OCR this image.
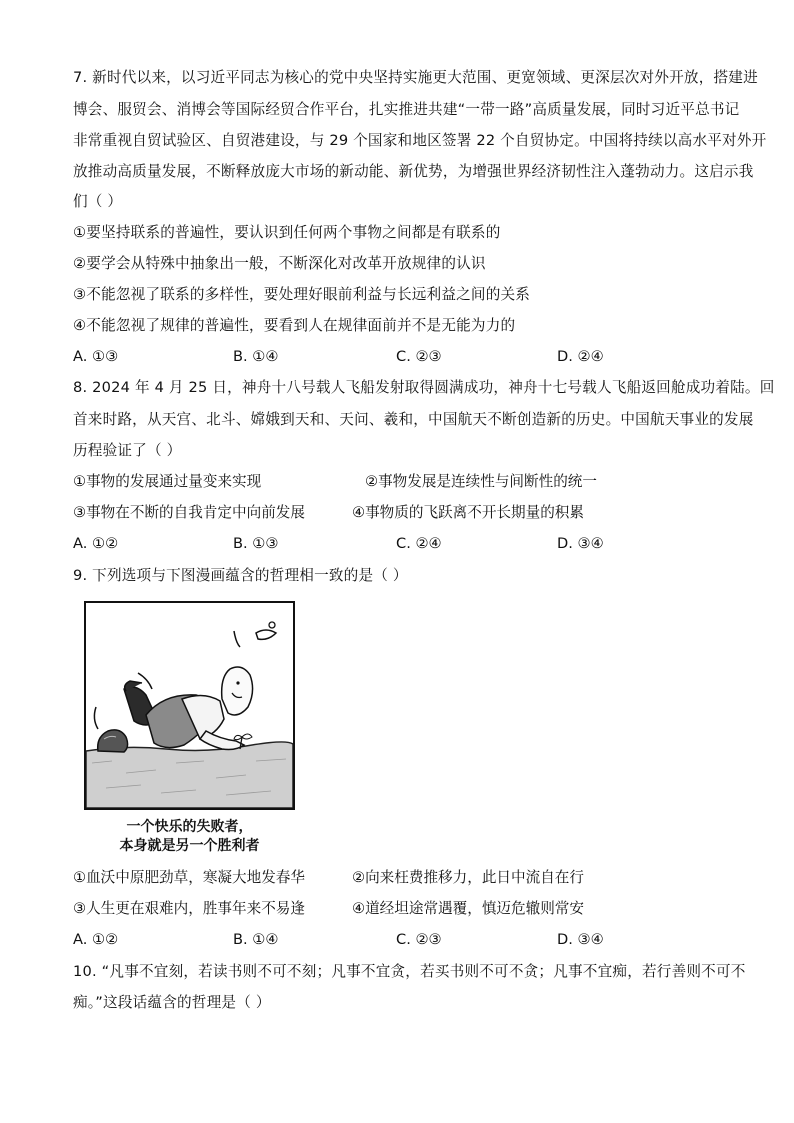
7. 新时代以来，以习近平同志为核心的党中央坚持实施更大范围、更宽领域、更深层次对外开放，搭建进
博会、服贸会、消博会等国际经贸合作平台，扎实推进共建“一带一路”高质量发展，同时习近平总书记
非常重视自贸试验区、自贸港建设，与 29 个国家和地区签署 22 个自贸协定。中国将持续以高水平对外开
放推动高质量发展，不断释放庞大市场的新动能、新优势，为增强世界经济韧性注入蓬勃动力。这启示我
们（ ）
①要坚持联系的普遍性，要认识到任何两个事物之间都是有联系的
②要学会从特殊中抽象出一般，不断深化对改革开放规律的认识
③不能忽视了联系的多样性，要处理好眼前利益与长远利益之间的关系
④不能忽视了规律的普遍性，要看到人在规律面前并不是无能为力的
A. ①③	B. ①④	C. ②③	D. ②④
8. 2024 年 4 月 25 日，神舟十八号载人飞船发射取得圆满成功，神舟十七号载人飞船返回舱成功着陆。回
首来时路，从天宫、北斗、嫦娥到天和、天问、羲和，中国航天不断创造新的历史。中国航天事业的发展
历程验证了（ ）
①事物的发展通过量变来实现	②事物发展是连续性与间断性的统一
③事物在不断的自我肯定中向前发展	④事物质的飞跃离不开长期量的积累
A. ①②	B. ①③	C. ②④	D. ③④
9. 下列选项与下图漫画蕴含的哲理相一致的是（ ）
一个快乐的失败者，
本身就是另一个胜利者
①血沃中原肥劲草，寒凝大地发春华	②向来枉费推移力，此日中流自在行
③人生更在艰难内，胜事年来不易逢	④道经坦途常遇覆，慎迈危辙则常安
A. ①②	B. ①④	C. ②③	D. ③④
10. “凡事不宜刻，若读书则不可不刻；凡事不宜贪，若买书则不可不贪；凡事不宜痴，若行善则不可不
痴。”这段话蕴含的哲理是（ ）
